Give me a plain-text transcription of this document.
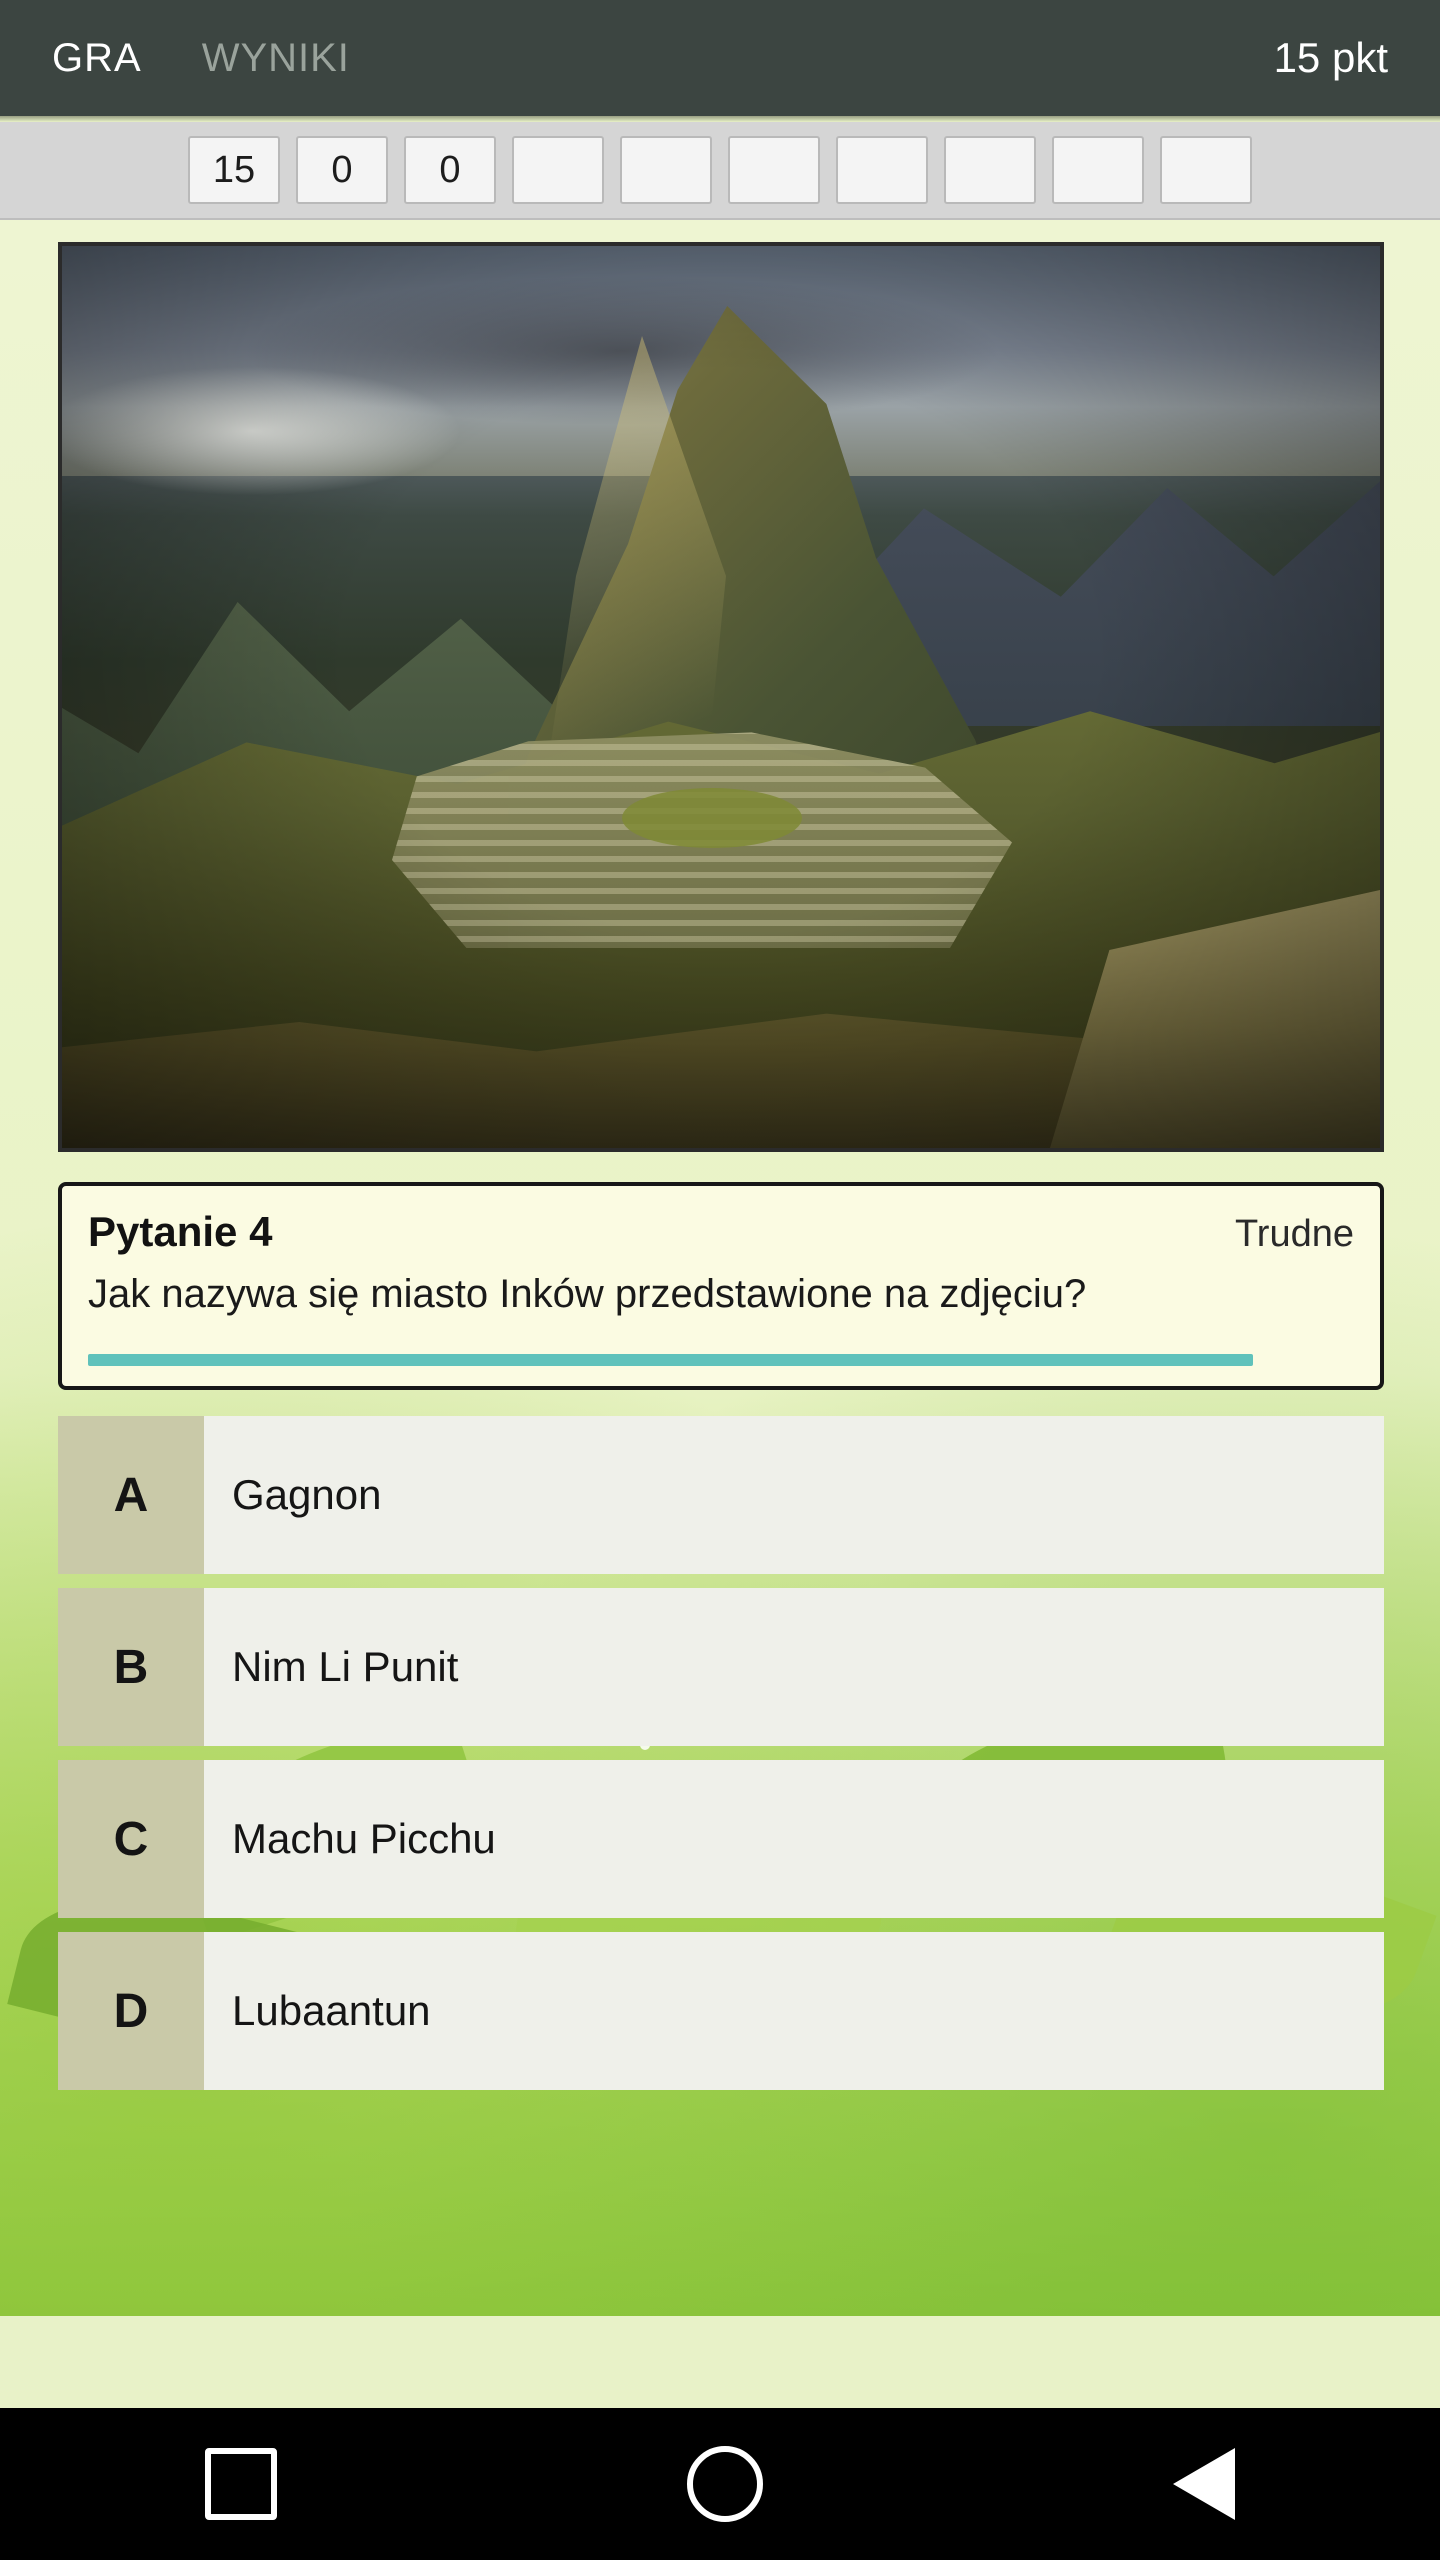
GRA WYNIKI	15 pkt
15	0	0
Pytanie 4	Trudne
Jak nazywa się miasto Inków przedstawione na zdjęciu?
A	Gagnon
B	Nim Li Punit
C	Machu Picchu
D	Lubaantun
